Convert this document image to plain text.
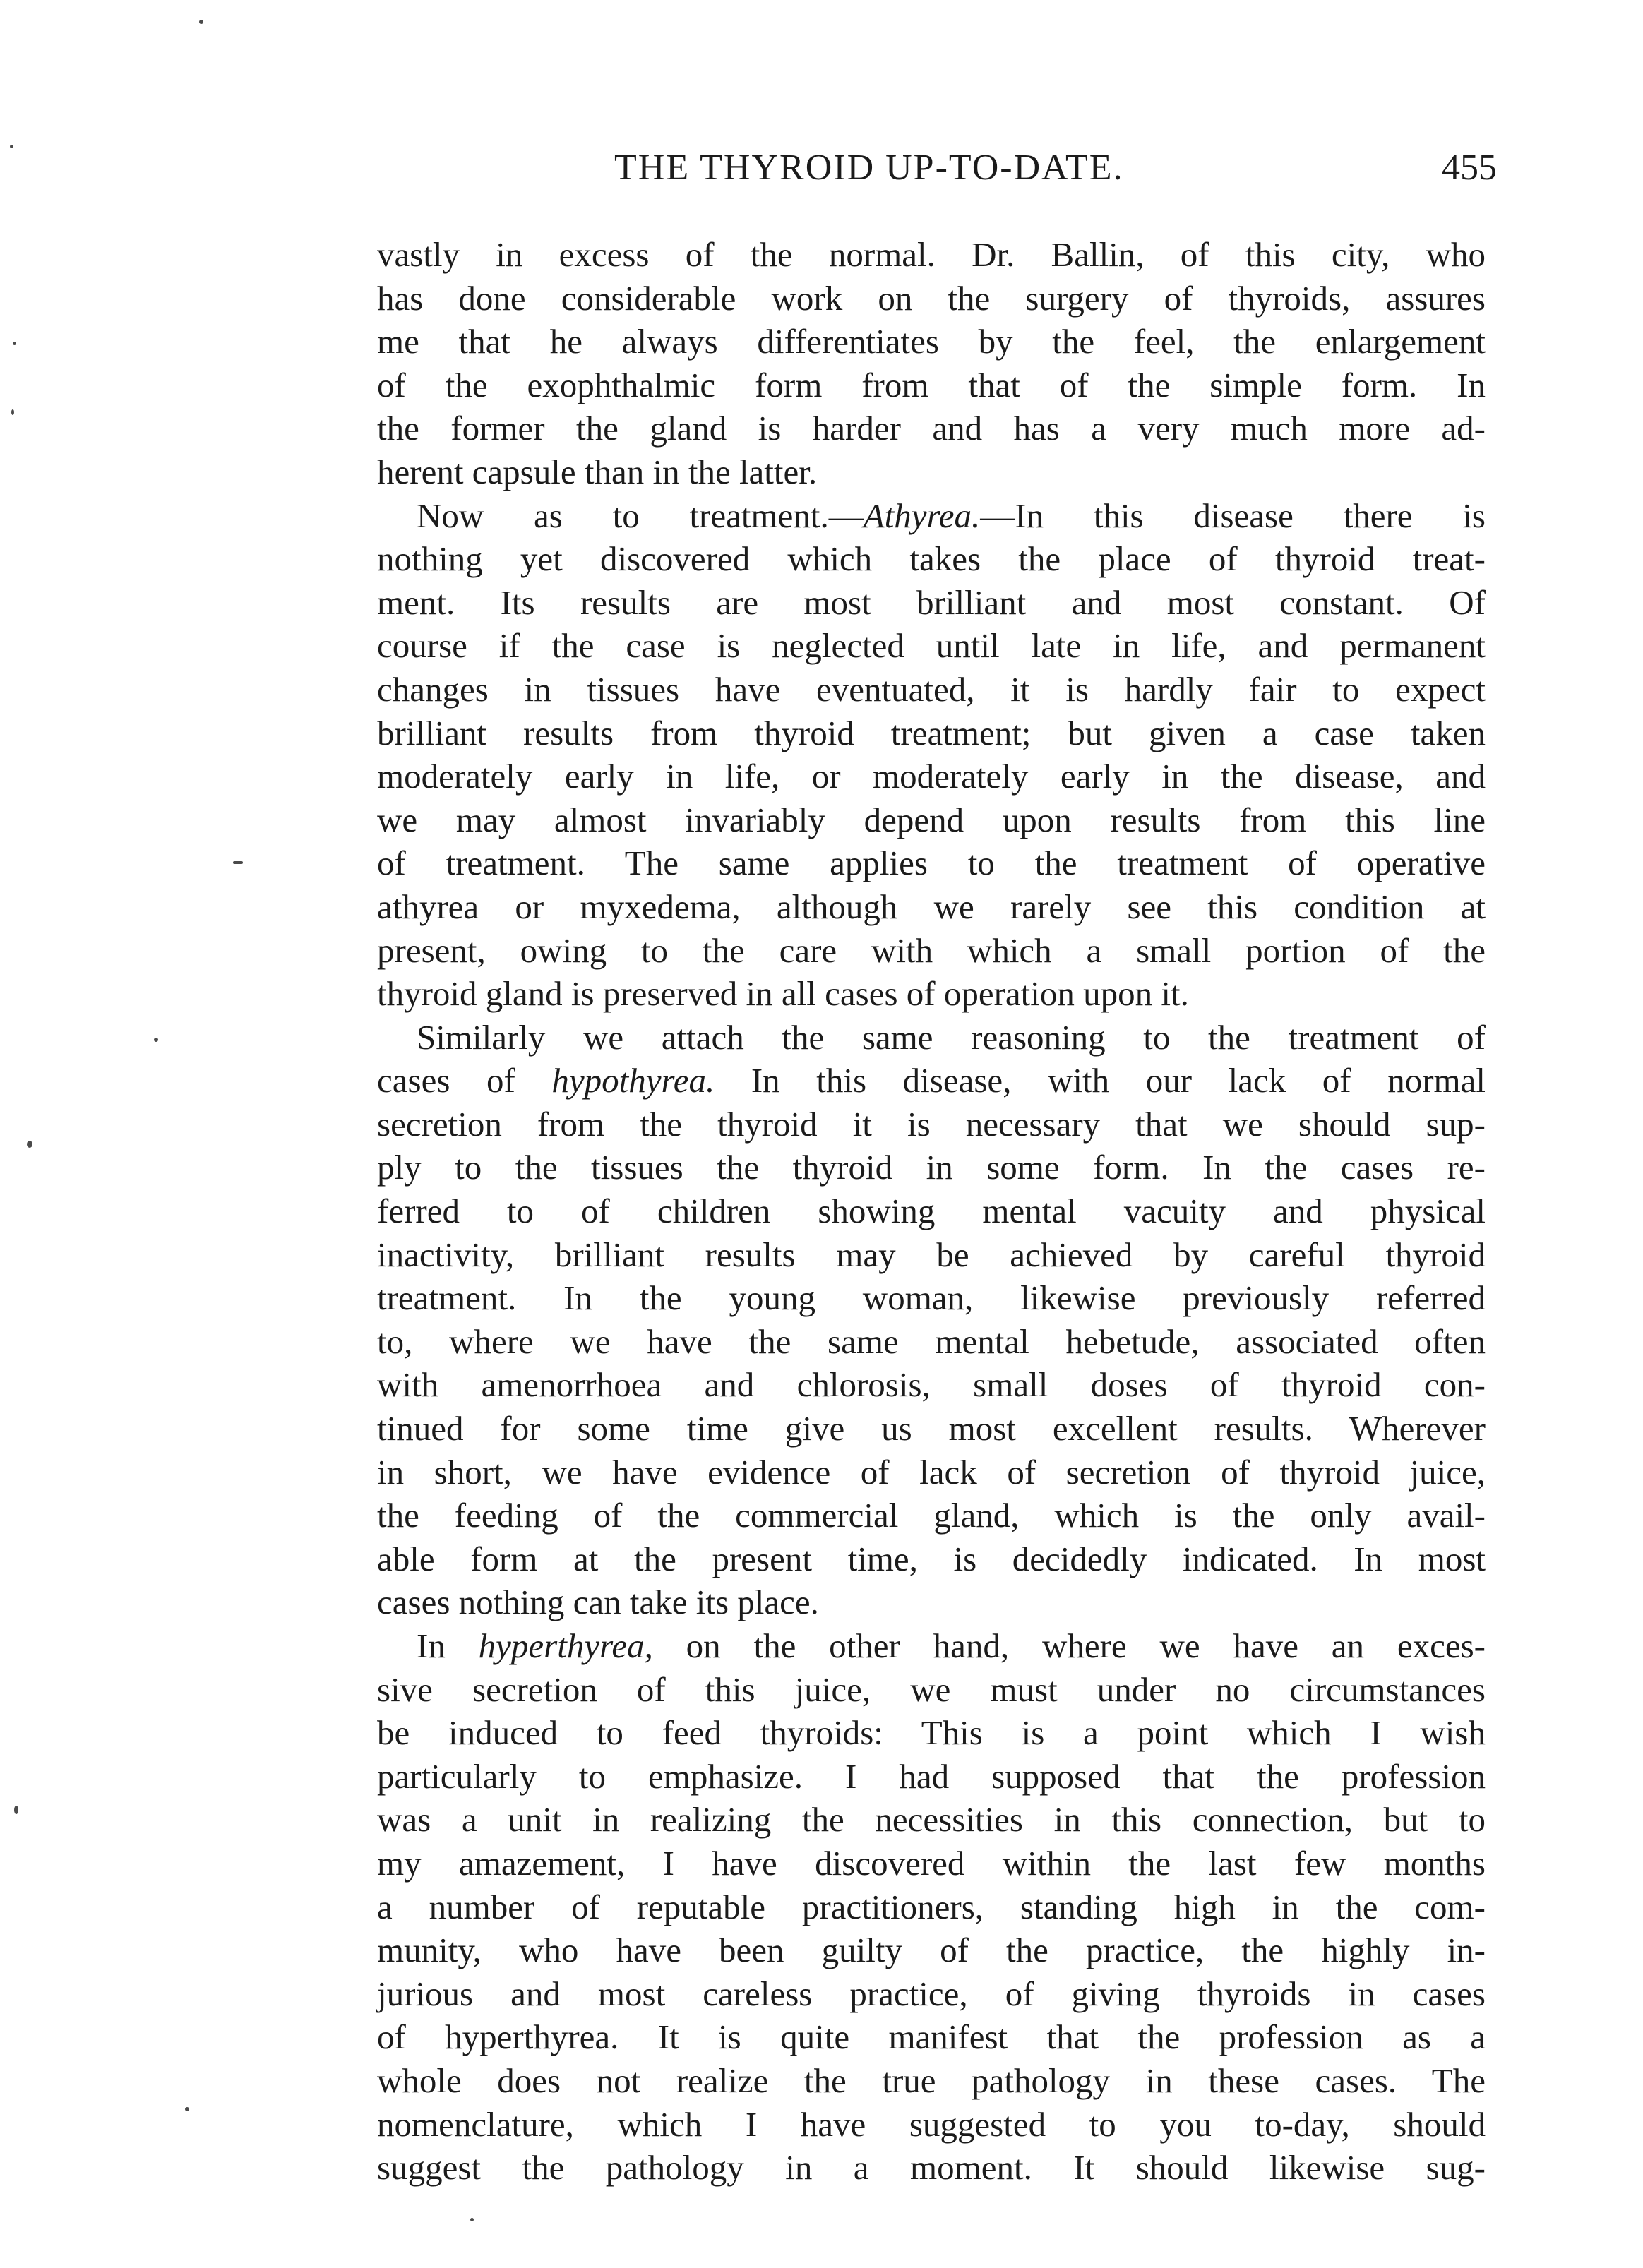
THE THYROID UP-TO-DATE.	455
vastly in excess of the normal. Dr. Ballin, of this city, who
has done considerable work on the surgery of thyroids, assures
me that he always differentiates by the feel, the enlargement
of the exophthalmic form from that of the simple form. In
the former the gland is harder and has a very much more ad-
herent capsule than in the latter.
Now as to treatment.—Athyrea.—In this disease there is
nothing yet discovered which takes the place of thyroid treat-
ment. Its results are most brilliant and most constant. Of
course if the case is neglected until late in life, and permanent
changes in tissues have eventuated, it is hardly fair to expect
brilliant results from thyroid treatment; but given a case taken
moderately early in life, or moderately early in the disease, and
we may almost invariably depend upon results from this line
of treatment. The same applies to the treatment of operative
athyrea or myxedema, although we rarely see this condition at
present, owing to the care with which a small portion of the
thyroid gland is preserved in all cases of operation upon it.
Similarly we attach the same reasoning to the treatment of
cases of hypothyrea. In this disease, with our lack of normal
secretion from the thyroid it is necessary that we should sup-
ply to the tissues the thyroid in some form. In the cases re-
ferred to of children showing mental vacuity and physical
inactivity, brilliant results may be achieved by careful thyroid
treatment. In the young woman, likewise previously referred
to, where we have the same mental hebetude, associated often
with amenorrhoea and chlorosis, small doses of thyroid con-
tinued for some time give us most excellent results. Wherever
in short, we have evidence of lack of secretion of thyroid juice,
the feeding of the commercial gland, which is the only avail-
able form at the present time, is decidedly indicated. In most
cases nothing can take its place.
In hyperthyrea, on the other hand, where we have an exces-
sive secretion of this juice, we must under no circumstances
be induced to feed thyroids: This is a point which I wish
particularly to emphasize. I had supposed that the profession
was a unit in realizing the necessities in this connection, but to
my amazement, I have discovered within the last few months
a number of reputable practitioners, standing high in the com-
munity, who have been guilty of the practice, the highly in-
jurious and most careless practice, of giving thyroids in cases
of hyperthyrea. It is quite manifest that the profession as a
whole does not realize the true pathology in these cases. The
nomenclature, which I have suggested to you to-day, should
suggest the pathology in a moment. It should likewise sug-
